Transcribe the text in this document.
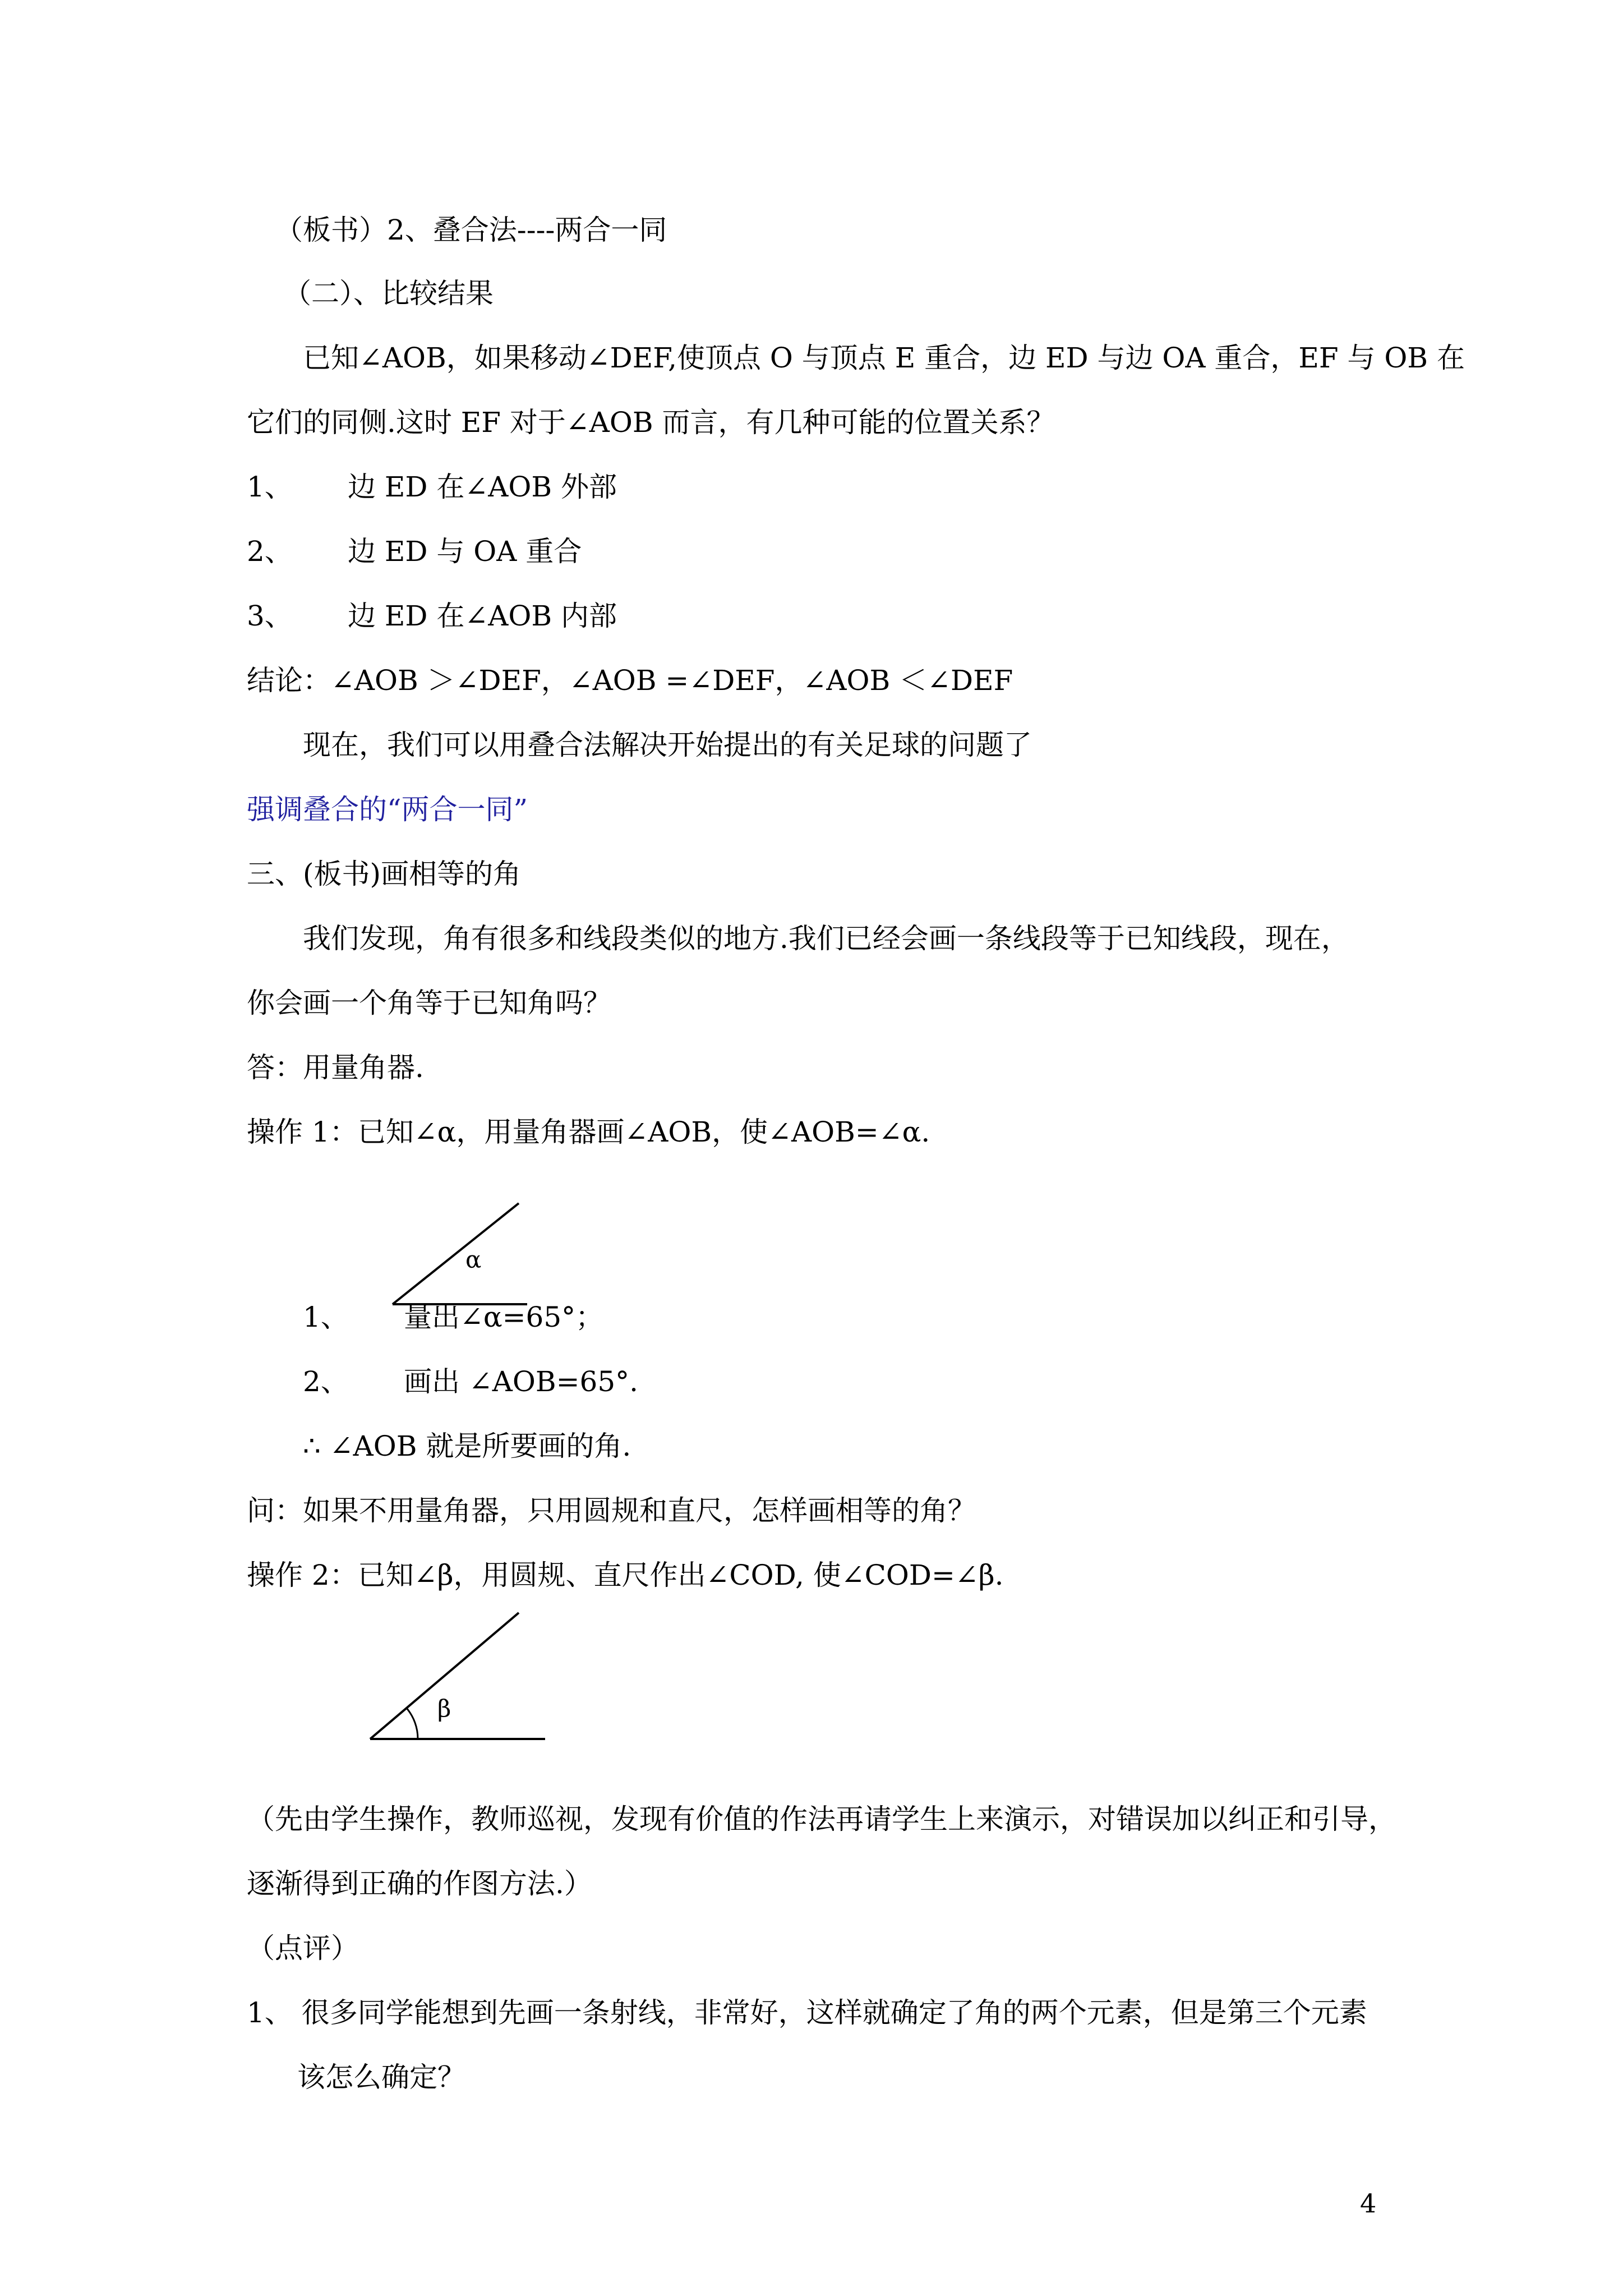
（板书）2、叠合法----两合一同
（二）、比较结果
已知∠AOB，如果移动∠DEF,使顶点 O 与顶点 E 重合，边 ED 与边 OA 重合，EF 与 OB 在
它们的同侧.这时 EF 对于∠AOB 而言，有几种可能的位置关系？
1、 边 ED 在∠AOB 外部
2、 边 ED 与 OA 重合
3、 边 ED 在∠AOB 内部
结论：∠AOB ＞∠DEF，∠AOB =∠DEF，∠AOB ＜∠DEF
现在，我们可以用叠合法解决开始提出的有关足球的问题了
强调叠合的“两合一同”
三、(板书)画相等的角
我们发现，角有很多和线段类似的地方.我们已经会画一条线段等于已知线段，现在，
你会画一个角等于已知角吗？
答：用量角器.
操作 1：已知∠α，用量角器画∠AOB，使∠AOB=∠α.
α
1、 量出∠α=65°；
2、 画出 ∠AOB=65°.
∴ ∠AOB 就是所要画的角.
问：如果不用量角器，只用圆规和直尺，怎样画相等的角？
操作 2：已知∠β，用圆规、直尺作出∠COD, 使∠COD=∠β.
β
（先由学生操作，教师巡视，发现有价值的作法再请学生上来演示，对错误加以纠正和引导，
逐渐得到正确的作图方法.）
（点评）
1、 很多同学能想到先画一条射线，非常好，这样就确定了角的两个元素，但是第三个元素
该怎么确定？
4
